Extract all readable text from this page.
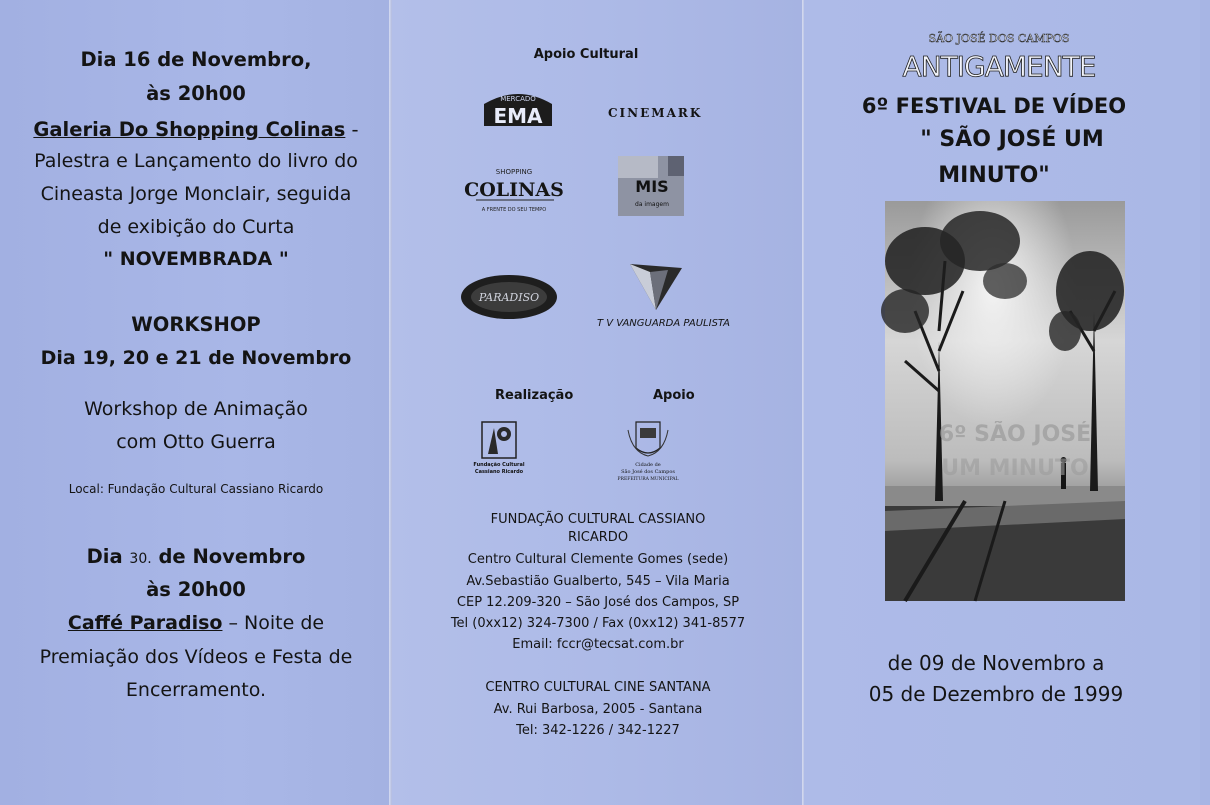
Dia 16 de Novembro,
às 20h00
Galeria Do Shopping Colinas -
Palestra e Lançamento do livro do
Cineasta Jorge Monclair, seguida
de exibição do Curta
" NOVEMBRADA "
WORKSHOP
Dia 19, 20 e 21 de Novembro
Workshop de Animação
com Otto Guerra
Local: Fundação Cultural Cassiano Ricardo
Dia 30. de Novembro
às 20h00
Caffé Paradiso – Noite de
Premiação dos Vídeos e Festa de
Encerramento.
Apoio Cultural
MERCADO
EMA	CINEMARK
SHOPPING
COLINAS
A FRENTE DO SEU TEMPO
MIS
da imagem
PARADISO
T V VANGUARDA PAULISTA
Realização	Apoio
Fundação Cultural
Cassiano Ricardo
Cidade de
São José dos Campos
PREFEITURA MUNICIPAL
FUNDAÇÃO CULTURAL CASSIANO
RICARDO
Centro Cultural Clemente Gomes (sede)
Av.Sebastião Gualberto, 545 – Vila Maria
CEP 12.209-320 – São José dos Campos, SP
Tel (0xx12) 324-7300 / Fax (0xx12) 341-8577
Email: fccr@tecsat.com.br
CENTRO CULTURAL CINE SANTANA
Av. Rui Barbosa, 2005 - Santana
Tel: 342-1226 / 342-1227
SÃO JOSÉ DOS CAMPOS
ANTIGAMENTE
6º FESTIVAL DE VÍDEO
" SÃO JOSÉ UM
MINUTO"
6º SÃO JOSÉ
UM MINUTO
de 09 de Novembro a
05 de Dezembro de 1999
